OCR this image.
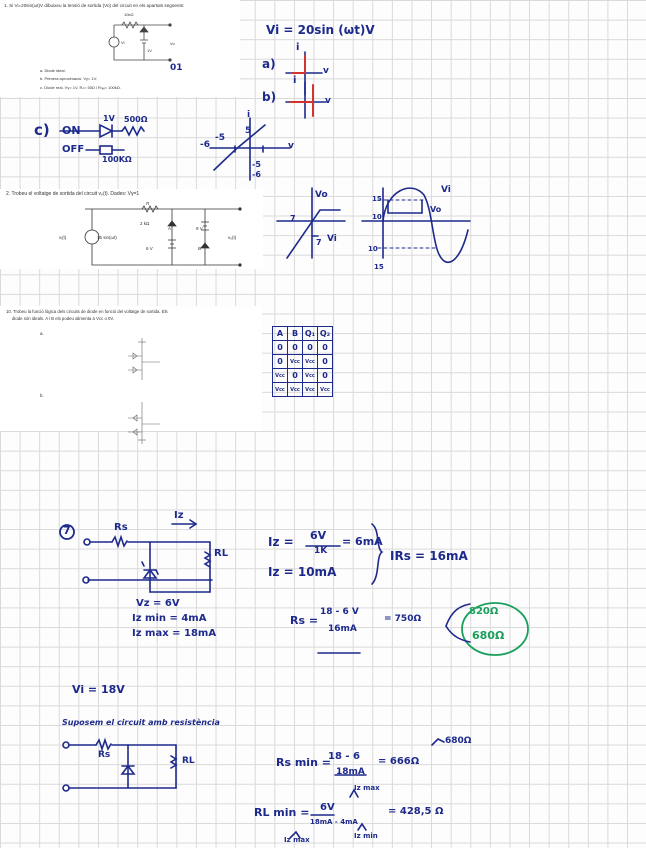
1. Si Vi=20sin(ωt)V dibuixeu la tensió de sortida (Vo) del circuit en els apartats següents:
10kΩ
Vi
1V
Vo
a. Diode ideal.
b. Primera aproximació. Vγ= 1V.
c. Diode real. Vγ= 1V, Rₙ= 50Ω i Rᵣₑᵥ= 100kΩ.
2. Trobeu el voltatge de sortida del circuit vₒ(t). Dades: Vγ=1
R
2 kΩ
15 sin(ωt)
vᵢ(t)	vₒ(t)
9 V
6 V
A
B
10. Trobeu la funció lògica dels circuits de diode en funció del voltatge de sortida. Els
diode són ideals. A i B els podeu alimenta a Vcc o 0V.
a.
b.
Vi = 20sin (ωt)V
a)
b)
c) ON
OFF
1V 500Ω
100KΩ
i
v
-6
-5
5
-5
-6
01
i
v
i
v
Vo
Vi
7
7
15
10
10
15
Vi
Vo
A	B	Q₁	Q₂
0	0	0	0
0	Vcc	Vcc	0
Vcc	0	Vcc	0
Vcc	Vcc	Vcc	Vcc
7	Rs
Iz
RL
Vz = 6V
Iz min = 4mA
Iz max = 18mA
Iz = 6V
1K
= 6mA
Iz = 10mA
IRs = 16mA
Rs =
18 - 6 V
16mA
= 750Ω
820Ω
680Ω
Vi = 18V
Suposem el circuit amb resistència
Rs
RL	Rs min =
18 - 6
18mA
= 666Ω
Iz max
680Ω
RL min = 6V
18mA - 4mA
= 428,5 Ω
Iz max	Iz min
